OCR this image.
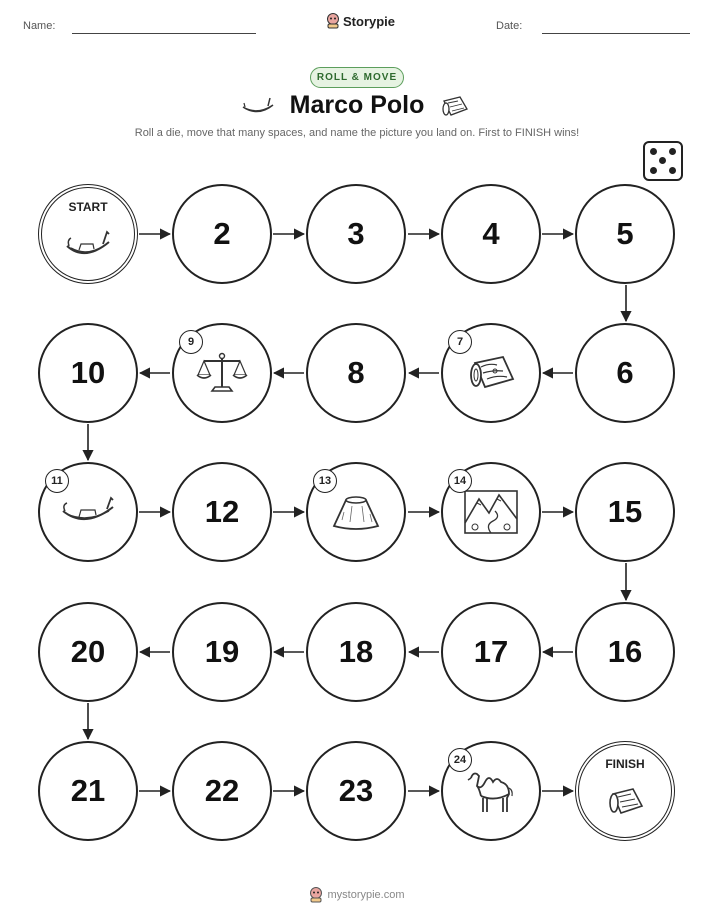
Name:	Storypie	Date:
ROLL & MOVE
Marco Polo
Roll a die, move that many spaces, and name the picture you land on. First to FINISH wins!
START
2	3	4	5
6
7
8
9
10
11
12
13	14
15
16
17
18
19
20
21	22	23
24	FINISH
mystorypie.com
